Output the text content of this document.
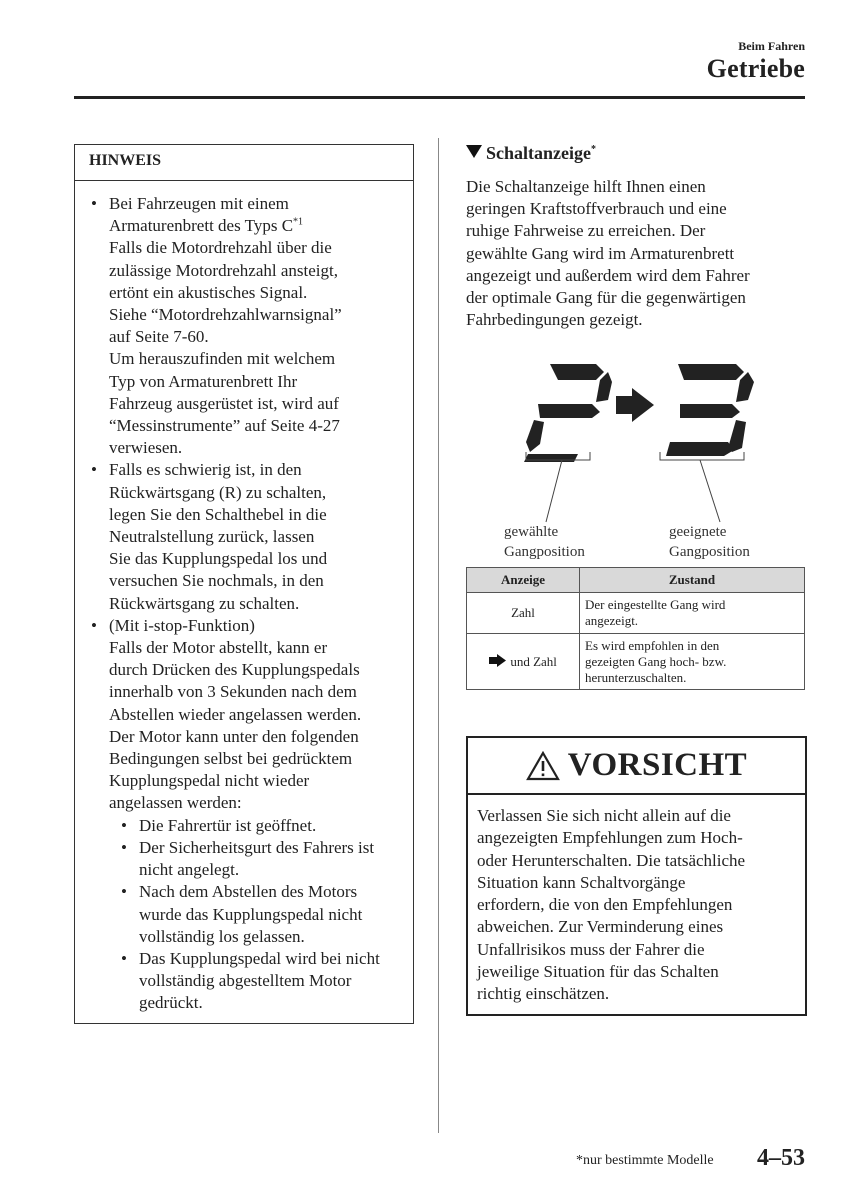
Beim Fahren
Getriebe
HINWEIS
• Bei Fahrzeugen mit einem
Armaturenbrett des Typs $C^{*1}$
Falls die Motordrehzahl über die
zulässige Motordrehzahl ansteigt,
ertönt ein akustisches Signal.
Siehe “Motordrehzahlwarnsignal”
auf Seite 7-60.
Um herauszufinden mit welchem
Typ von Armaturenbrett Ihr
Fahrzeug ausgerüstet ist, wird auf
“Messinstrumente” auf Seite 4-27
verwiesen.
• Falls es schwierig ist, in den
Rückwärtsgang (R) zu schalten,
legen Sie den Schalthebel in die
Neutralstellung zurück, lassen
Sie das Kupplungspedal los und
versuchen Sie nochmals, in den
Rückwärtsgang zu schalten.
• (Mit i-stop-Funktion)
Falls der Motor abstellt, kann er
durch Drücken des Kupplungspedals
innerhalb von 3 Sekunden nach dem
Abstellen wieder angelassen werden.
Der Motor kann unter den folgenden
Bedingungen selbst bei gedrücktem
Kupplungspedal nicht wieder
angelassen werden:
• Die Fahrertür ist geöffnet.
• Der Sicherheitsgurt des Fahrers ist
nicht angelegt.
• Nach dem Abstellen des Motors
wurde das Kupplungspedal nicht
vollständig los gelassen.
• Das Kupplungspedal wird bei nicht
vollständig abgestelltem Motor
gedrückt.
Schaltanzeige*
Die Schaltanzeige hilft Ihnen einen
geringen Kraftstoffverbrauch und eine
ruhige Fahrweise zu erreichen. Der
gewählte Gang wird im Armaturenbrett
angezeigt und außerdem wird dem Fahrer
der optimale Gang für die gegenwärtigen
Fahrbedingungen gezeigt.
gewählte
Gangposition
geeignete
Gangposition
Anzeige	Zustand
Zahl	Der eingestellte Gang wird
angezeigt.

und Zahl	Es wird empfohlen in den
gezeigten Gang hoch- bzw.
herunterzuschalten.
VORSICHT
Verlassen Sie sich nicht allein auf die
angezeigten Empfehlungen zum Hoch-
oder Herunterschalten. Die tatsächliche
Situation kann Schaltvorgänge
erfordern, die von den Empfehlungen
abweichen. Zur Verminderung eines
Unfallrisikos muss der Fahrer die
jeweilige Situation für das Schalten
richtig einschätzen.
*nur bestimmte Modelle 4–53
